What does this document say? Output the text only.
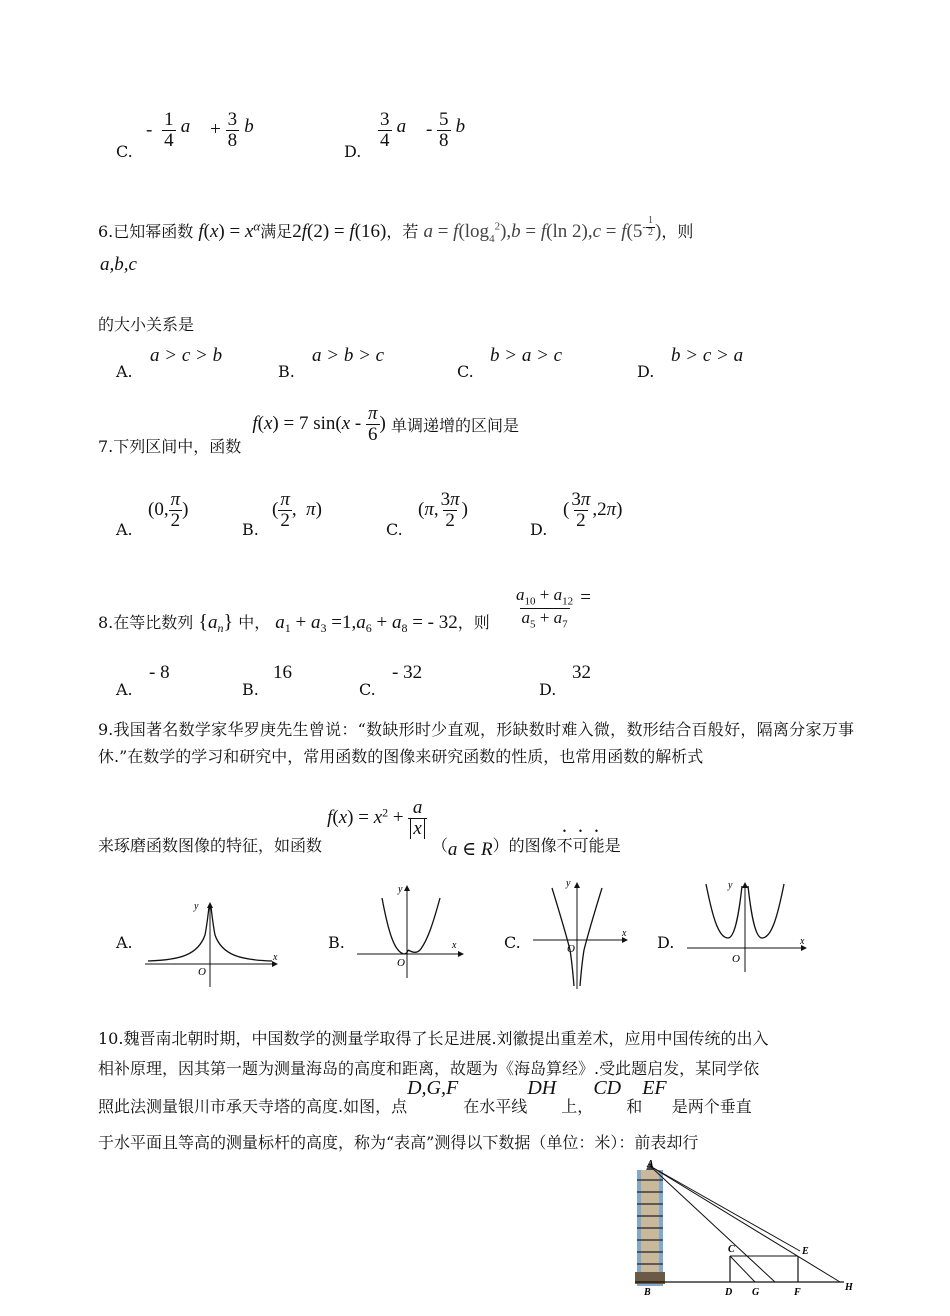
C.
- $\frac{1}{4}$ a⃗ + $\frac{3}{8}$ b⃗
D.
$\frac{3}{4}$ a⃗ - $\frac{5}{8}$ b⃗
6.已知幂函数 $f(x) = x^\alpha$满足2f(2) = f(16)，若 $a = f(\log_4^2),b = f(\ln$ $2),c = f(5^{- \frac{1}{2}}$ )，则
a,b,c
的大小关系是
A.
a > c > b
B.
a > b > c
C.
b > a > c
D.
b > c > a
7.下列区间中，函数 f(x) = 7 $\sin(x - \frac{\pi}{6}$ ) 单调递增的区间是
A.
(0, $\frac{\pi}{2}$ )
B.
( $\frac{\pi}{2}$ ,  π)
C.
(π, $\frac{3\pi}{2}$ )
D.
( $\frac{3\pi}{2} ,2\pi$)
8.在等比数列 $\{a_n\}$ 中， $a_1 + a_3 =1,a_6 + a_8$ = - 32，则 $\frac{a_{10} + a_{12}}{a_5 + a_7}$ =
A.
- 8
B.
16
C.
- 32
D.
32
9.我国著名数学家华罗庚先生曾说：“数缺形时少直观，形缺数时难入微，数形结合百般好，隔离分家万事休.”在数学的学习和研究中，常用函数的图像来研究函数的性质，也常用函数的解析式
来琢磨函数图像的特征，如函数 $f(x) = x^2 + \frac{a}{x}$
（a ∈ R）的图像不可能是
A.	B.	C.	D.
x
y
O
x
y
O
x
y
O
x
y
O
10.魏晋南北朝时期，中国数学的测量学取得了长足进展.刘徽提出重差术，应用中国传统的出入
相补原理，因其第一题为测量海岛的高度和距离，故题为《海岛算经》.受此题启发，某同学依
照此法测量银川市承天寺塔的高度.如图，点D,G,F 在水平线DH 上，CD 和EF 是两个垂直
于水平面且等高的测量标杆的高度，称为“表高”测得以下数据（单位：米）：前表却行
A
B
C
D
E
F
G	H
